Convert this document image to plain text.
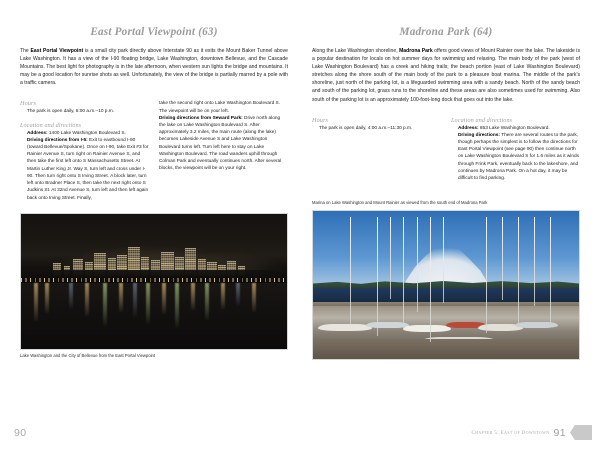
East Portal Viewpoint (63)

The East Portal Viewpoint is a small city park directly above Interstate 90 as it exits the Mount Baker Tunnel above Lake Washington. It has a view of the I-90 floating bridge, Lake Washington, downtown Bellevue, and the Cascade Mountains. The best light for photography is in the late afternoon, when western sun lights the bridge and mountains. It may be a good location for sunrise shots as well. Unfortunately, the view of the bridge is partially marred by a pole with a traffic camera.

Hours

The park is open daily, 6:00 a.m.–10 p.m.

Location and directions

Address: 1400 Lake Washington Boulevard S.

Driving directions from I-5: Exit to eastbound I-90 (toward Bellevue/Spokane). Once on I-90, take Exit #3 for Rainier Avenue S, turn right on Rainier Avenue S, and then take the first left onto S Massachusetts Street. At Martin Luther King Jr. Way S, turn left and cross under I-90. Then turn right onto S Irving Street. A block later, turn left onto Bradner Place S, then take the next right onto S Judkins St. At 32nd Avenue S, turn left and then left again back onto Irving Street. Finally,

take the second right onto Lake Washington Boulevard S. The viewpoint will be on your left.

Driving directions from Seward Park: Drive north along the lake on Lake Washington Boulevard S. After approximately 3.2 miles, the main route (along the lake) becomes Lakeside Avenue S and Lake Washington Boulevard turns left. Turn left here to stay on Lake Washington Boulevard. The road wanders uphill through Colman Park and eventually continues north. After several blocks, the viewpoint will be on your right.

Lake Washington and the City of Bellevue from the East Portal Viewpoint
90
Madrona Park (64)

Along the Lake Washington shoreline, Madrona Park offers good views of Mount Rainier over the lake. The lakeside is a popular destination for locals on hot summer days for swimming and relaxing. The main body of the park (west of Lake Washington Boulevard) has a creek and hiking trails; the beach portion (east of Lake Washington Boulevard) stretches along the shore south of the main body of the park to a pleasure boat marina. The middle of the park's shoreline, just north of the parking lot, is a lifeguarded swimming area with a sandy beach. North of the sandy beach and south of the parking lot, grass runs to the shoreline and these areas are also sometimes used for swimming. Also south of the parking lot is an approximately 100-foot-long dock that goes out into the lake.

Hours

The park is open daily, 4:00 a.m.–11:30 p.m.

Location and directions

Address: 853 Lake Washington Boulevard.

Driving directions: There are several routes to the park, though perhaps the simplest is to follow the directions for East Portal Viewpoint (see page 90) then continue north on Lake Washington Boulevard S for 1.6 miles as it winds through Frink Park, eventually back to the lakeshore, and continues by Madrona Park. On a hot day, it may be difficult to find parking.

Marina on Lake Washington and Mount Rainier as viewed from the south end of Madrona Park
Chapter 5: East of Downtown 91
